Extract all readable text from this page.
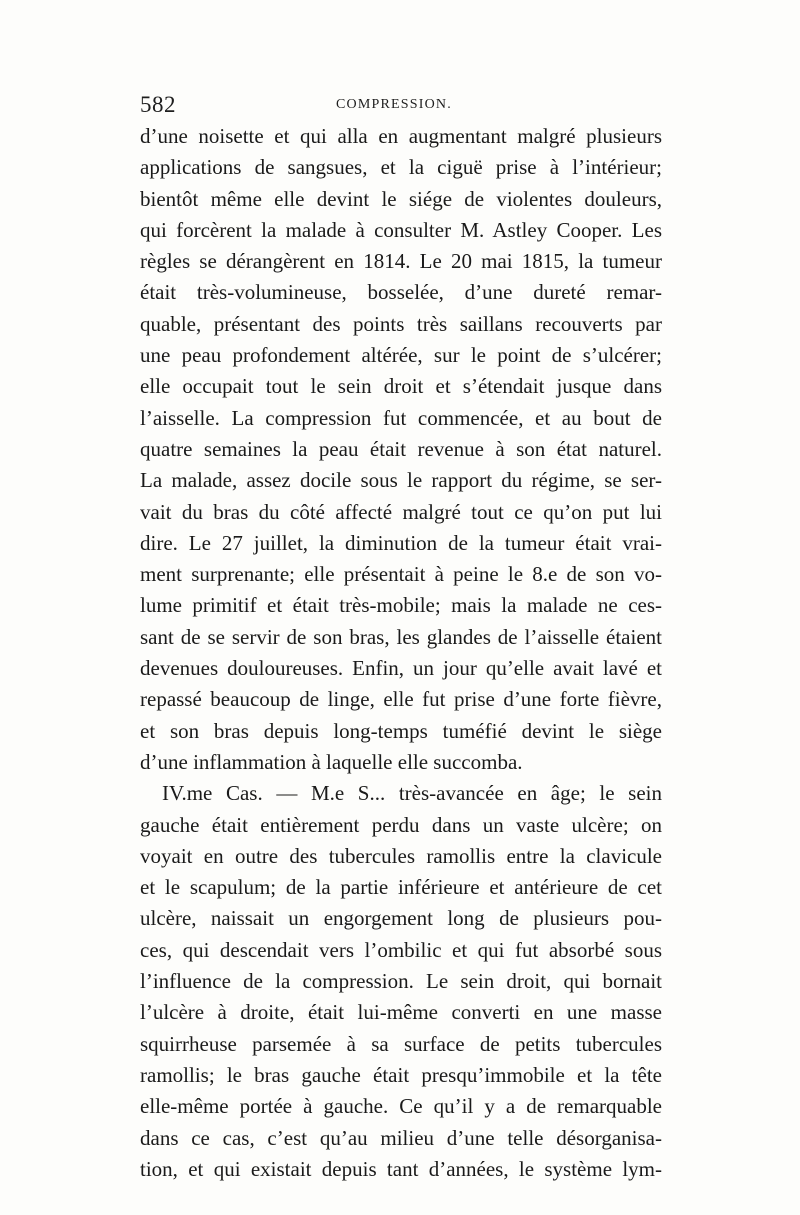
582	COMPRESSION.
d’une noisette et qui alla en augmentant malgré plusieurs
applications de sangsues, et la ciguë prise à l’intérieur;
bientôt même elle devint le siége de violentes douleurs,
qui forcèrent la malade à consulter M. Astley Cooper. Les
règles se dérangèrent en 1814. Le 20 mai 1815, la tumeur
était très-volumineuse, bosselée, d’une dureté remar-
quable, présentant des points très saillans recouverts par
une peau profondement altérée, sur le point de s’ulcérer;
elle occupait tout le sein droit et s’étendait jusque dans
l’aisselle. La compression fut commencée, et au bout de
quatre semaines la peau était revenue à son état naturel.
La malade, assez docile sous le rapport du régime, se ser-
vait du bras du côté affecté malgré tout ce qu’on put lui
dire. Le 27 juillet, la diminution de la tumeur était vrai-
ment surprenante; elle présentait à peine le 8.e de son vo-
lume primitif et était très-mobile; mais la malade ne ces-
sant de se servir de son bras, les glandes de l’aisselle étaient
devenues douloureuses. Enfin, un jour qu’elle avait lavé et
repassé beaucoup de linge, elle fut prise d’une forte fièvre,
et son bras depuis long-temps tuméfié devint le siège
d’une inflammation à laquelle elle succomba.
IV.me Cas. — M.e S... très-avancée en âge; le sein
gauche était entièrement perdu dans un vaste ulcère; on
voyait en outre des tubercules ramollis entre la clavicule
et le scapulum; de la partie inférieure et antérieure de cet
ulcère, naissait un engorgement long de plusieurs pou-
ces, qui descendait vers l’ombilic et qui fut absorbé sous
l’influence de la compression. Le sein droit, qui bornait
l’ulcère à droite, était lui-même converti en une masse
squirrheuse parsemée à sa surface de petits tubercules
ramollis; le bras gauche était presqu’immobile et la tête
elle-même portée à gauche. Ce qu’il y a de remarquable
dans ce cas, c’est qu’au milieu d’une telle désorganisa-
tion, et qui existait depuis tant d’années, le système lym-
